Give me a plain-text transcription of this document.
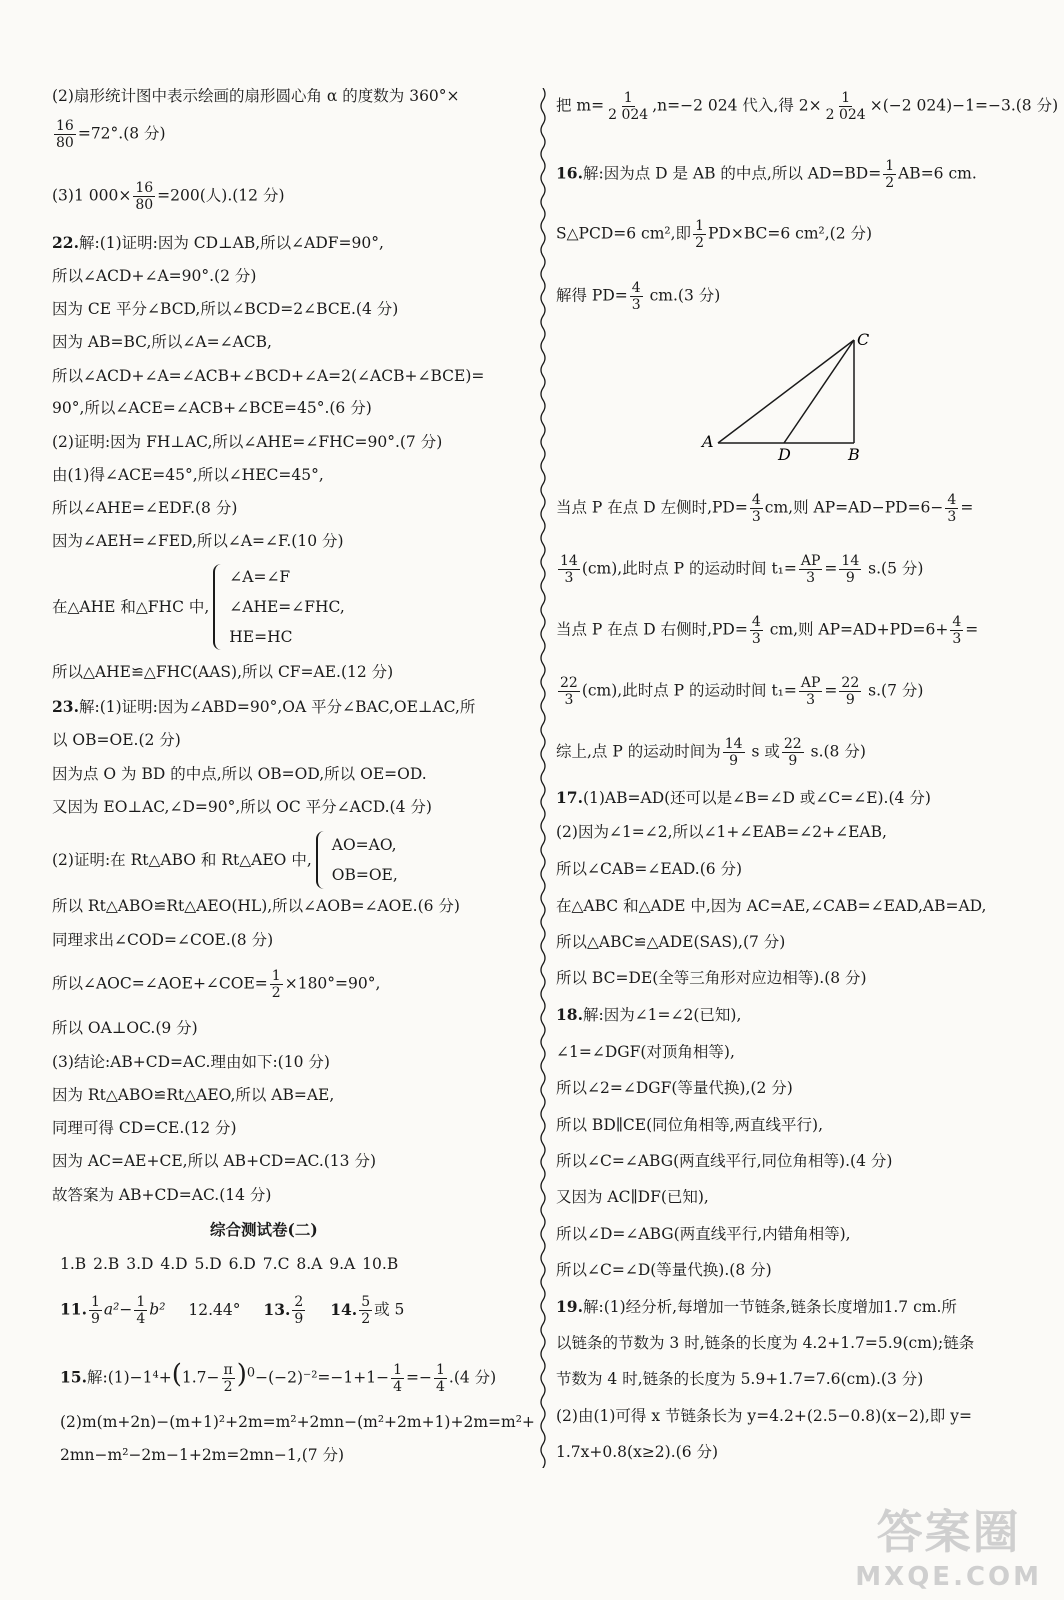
(2)扇形统计图中表示绘画的扇形圆心角 α 的度数为 360°×
$\frac{16}{80} =72^\circ.(8$ 分)
(3)1 $000\times \frac{16}{80} =200$(人).(12 分)
22.解:(1)证明:因为 CD⊥AB,所以∠ADF=90°,
所以∠ACD+∠A=90°.(2 分)
因为 CE 平分∠BCD,所以∠BCD=2∠BCE.(4 分)
因为 AB=BC,所以∠A=∠ACB,
所以∠ACD+∠A=∠ACB+∠BCD+∠A=2(∠ACB+∠BCE)=
90°,所以∠ACE=∠ACB+∠BCE=45°.(6 分)
(2)证明:因为 FH⊥AC,所以∠AHE=∠FHC=90°.(7 分)
由(1)得∠ACE=45°,所以∠HEC=45°,
所以∠AHE=∠EDF.(8 分)
因为∠AEH=∠FED,所以∠A=∠F.(10 分)
在△AHE 和△FHC 中,
∠A=∠F
∠AHE=∠FHC,
HE=HC
所以△AHE≌△FHC(AAS),所以 CF=AE.(12 分)
23.解:(1)证明:因为∠ABD=90°,OA 平分∠BAC,OE⊥AC,所
以 OB=OE.(2 分)
因为点 O 为 BD 的中点,所以 OB=OD,所以 OE=OD.
又因为 EO⊥AC,∠D=90°,所以 OC 平分∠ACD.(4 分)
(2)证明:在 Rt△ABO 和 Rt△AEO 中,
AO=AO,
OB=OE,
所以 Rt△ABO≌Rt△AEO(HL),所以∠AOB=∠AOE.(6 分)
同理求出∠COD=∠COE.(8 分)
所以∠AOC=∠AOE+∠COE= $\frac{1}{2} \times 180^\circ=90^\circ$,
所以 OA⊥OC.(9 分)
(3)结论:AB+CD=AC.理由如下:(10 分)
因为 Rt△ABO≌Rt△AEO,所以 AB=AE,
同理可得 CD=CE.(12 分)
因为 AC=AE+CE,所以 AB+CD=AC.(13 分)
故答案为 AB+CD=AC.(14 分)
综合测试卷(二)
1.B 2.B 3.D 4.D 5.D 6.D 7.C 8.A 9.A 10.B
11. $\frac{1}{9} a^2- \frac{1}{4} b^2$ 12.44° 13. $\frac{2}{9} 14$. $\frac{5}{2}$ 或 5
15.解:(1)−1⁴+(1.7− $\frac{\pi}{2} )^0-(-2)^{-2}=-1+1- \frac{1}{4} =- \frac{1}{4} .(4$ 分)
(2)m(m+2n)−(m+1)²+2m=m²+2mn−(m²+2m+1)+2m=m²+
2mn−m²−2m−1+2m=2mn−1,(7 分)
把 $m= \frac{1}{2 024} ,n=-2$ 024 代入,得 $2\times \frac{1}{2 024} \times(-2$ 024)−1=−3.(8 分)
16.解:因为点 D 是 AB 的中点,所以 $AD=BD= \frac{1}{2} AB=6$ cm.
S△PCD=6 cm²,即 $\frac{1}{2} PD\times BC=6$ cm²,(2 分)
解得 $PD= \frac{4}{3} cm.(3$ 分)
A
D	B
C
当点 P 在点 D 左侧时$,PD= \frac{4}{3}$ cm,则 $AP=AD-PD=6- \frac{4}{3}$ =
$\frac{14}{3} (cm)$,此时点 P 的运动时间 $t_1= \frac{AP}{3} = \frac{14}{9} s.(5$ 分)
当点 P 在点 D 右侧时$,PD= \frac{4}{3}$ cm,则 $AP=AD+PD=6+ \frac{4}{3}$ =
$\frac{22}{3} (cm)$,此时点 P 的运动时间 $t_1= \frac{AP}{3} = \frac{22}{9} s.(7$ 分)
综上,点 P 的运动时间为 $\frac{14}{9}$ s 或 $\frac{22}{9} s.(8$ 分)
17.(1)AB=AD(还可以是∠B=∠D 或∠C=∠E).(4 分)
(2)因为∠1=∠2,所以∠1+∠EAB=∠2+∠EAB,
所以∠CAB=∠EAD.(6 分)
在△ABC 和△ADE 中,因为 AC=AE,∠CAB=∠EAD,AB=AD,
所以△ABC≌△ADE(SAS),(7 分)
所以 BC=DE(全等三角形对应边相等).(8 分)
18.解:因为∠1=∠2(已知),
∠1=∠DGF(对顶角相等),
所以∠2=∠DGF(等量代换),(2 分)
所以 BD∥CE(同位角相等,两直线平行),
所以∠C=∠ABG(两直线平行,同位角相等).(4 分)
又因为 AC∥DF(已知),
所以∠D=∠ABG(两直线平行,内错角相等),
所以∠C=∠D(等量代换).(8 分)
19.解:(1)经分析,每增加一节链条,链条长度增加1.7 cm.所
以链条的节数为 3 时,链条的长度为 4.2+1.7=5.9(cm);链条
节数为 4 时,链条的长度为 5.9+1.7=7.6(cm).(3 分)
(2)由(1)可得 x 节链条长为 y=4.2+(2.5−0.8)(x−2),即 y=
1.7x+0.8(x≥2).(6 分)
答案圈
MXQE.COM
